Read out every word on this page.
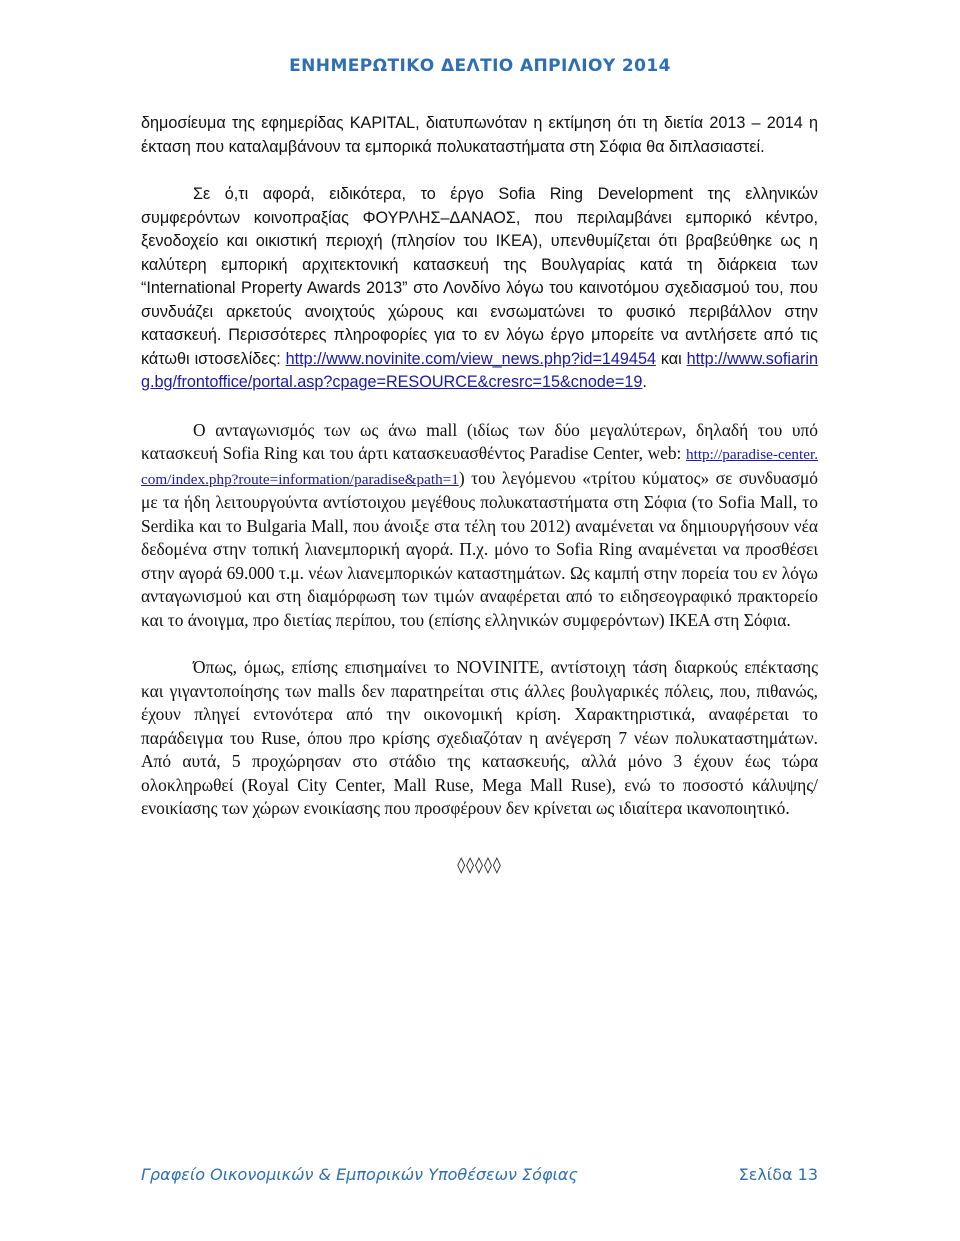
ΕΝΗΜΕΡΩΤΙΚΟ ΔΕΛΤΙΟ ΑΠΡΙΛΙΟΥ 2014

δημοσίευμα της εφημερίδας KAPITAL, διατυπωνόταν η εκτίμηση ότι τη διετία 2013 – 2014 η έκταση που καταλαμβάνουν τα εμπορικά πολυκαταστήματα στη Σόφια θα διπλασιαστεί.

Σε ό,τι αφορά, ειδικότερα, το έργο Sofia Ring Development της ελληνικών συμφερόντων κοινοπραξίας ΦΟΥΡΛΗΣ–ΔΑΝΑΟΣ, που περιλαμβάνει εμπορικό κέντρο, ξενοδοχείο και οικιστική περιοχή (πλησίον του IKEA), υπενθυμίζεται ότι βραβεύθηκε ως η καλύτερη εμπορική αρχιτεκτονική κατασκευή της Βουλγαρίας κατά τη διάρκεια των “International Property Awards 2013” στο Λονδίνο λόγω του καινοτόμου σχεδιασμού του, που συνδυάζει αρκετούς ανοιχτούς χώρους και ενσωματώνει το φυσικό περιβάλλον στην κατασκευή. Περισσότερες πληροφορίες για το εν λόγω έργο μπορείτε να αντλήσετε από τις κάτωθι ιστοσελίδες: http://www.novinite.com/view_news.php?id=149454 και http://www.sofiaring.bg/frontoffice/portal.asp?cpage=RESOURCE&cresrc=15&cnode=19.

Ο ανταγωνισμός των ως άνω mall (ιδίως των δύο μεγαλύτερων, δηλαδή του υπό κατασκευή Sofia Ring και του άρτι κατασκευασθέντος Paradise Center, web: http://paradise-center.com/index.php?route=information/paradise&path=1) του λεγόμενου «τρίτου κύματος» σε συνδυασμό με τα ήδη λειτουργούντα αντίστοιχου μεγέθους πολυκαταστήματα στη Σόφια (το Sofia Mall, το Serdika και το Bulgaria Mall, που άνοιξε στα τέλη του 2012) αναμένεται να δημιουργήσουν νέα δεδομένα στην τοπική λιανεμπορική αγορά. Π.χ. μόνο το Sofia Ring αναμένεται να προσθέσει στην αγορά 69.000 τ.μ. νέων λιανεμπορικών καταστημάτων. Ως καμπή στην πορεία του εν λόγω ανταγωνισμού και στη διαμόρφωση των τιμών αναφέρεται από το ειδησεογραφικό πρακτορείο και το άνοιγμα, προ διετίας περίπου, του (επίσης ελληνικών συμφερόντων) ΙΚΕΑ στη Σόφια.

Όπως, όμως, επίσης επισημαίνει το NOVINITE, αντίστοιχη τάση διαρκούς επέκτασης και γιγαντοποίησης των malls δεν παρατηρείται στις άλλες βουλγαρικές πόλεις, που, πιθανώς, έχουν πληγεί εντονότερα από την οικονομική κρίση. Χαρακτηριστικά, αναφέρεται το παράδειγμα του Ruse, όπου προ κρίσης σχεδιαζόταν η ανέγερση 7 νέων πολυκαταστημάτων. Από αυτά, 5 προχώρησαν στο στάδιο της κατασκευής, αλλά μόνο 3 έχουν έως τώρα ολοκληρωθεί (Royal City Center, Mall Ruse, Mega Mall Ruse), ενώ το ποσοστό κάλυψης/ενοικίασης των χώρων ενοικίασης που προσφέρουν δεν κρίνεται ως ιδιαίτερα ικανοποιητικό.

◊◊◊◊◊
Γραφείο Οικονομικών & Εμπορικών Υποθέσεων Σόφιας	Σελίδα 13
